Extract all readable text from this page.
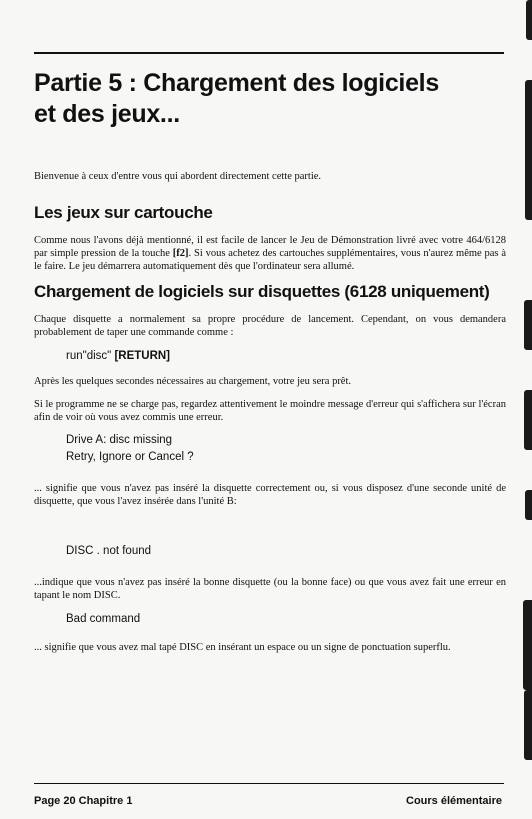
Partie 5 : Chargement des logiciels
et des jeux...

Bienvenue à ceux d'entre vous qui abordent directement cette partie.

Les jeux sur cartouche

Comme nous l'avons déjà mentionné, il est facile de lancer le Jeu de Démonstration livré avec votre 464/6128 par simple pression de la touche [f2]. Si vous achetez des cartouches supplémentaires, vous n'aurez même pas à le faire. Le jeu démarrera automatiquement dès que l'ordinateur sera allumé.

Chargement de logiciels sur disquettes (6128 uniquement)

Chaque disquette a normalement sa propre procédure de lancement. Cependant, on vous demandera probablement de taper une commande comme :

run"disc" [RETURN]

Après les quelques secondes nécessaires au chargement, votre jeu sera prêt.

Si le programme ne se charge pas, regardez attentivement le moindre message d'erreur qui s'affichera sur l'écran afin de voir où vous avez commis une erreur.

Drive A: disc missing

Retry, Ignore or Cancel ?

... signifie que vous n'avez pas inséré la disquette correctement ou, si vous disposez d'une seconde unité de disquette, que vous l'avez insérée dans l'unité B:

DISC . not found

...indique que vous n'avez pas inséré la bonne disquette (ou la bonne face) ou que vous avez fait une erreur en tapant le nom DISC.

Bad command

... signifie que vous avez mal tapé DISC en insérant un espace ou un signe de ponctuation superflu.

Page 20 Chapitre 1	Cours élémentaire
